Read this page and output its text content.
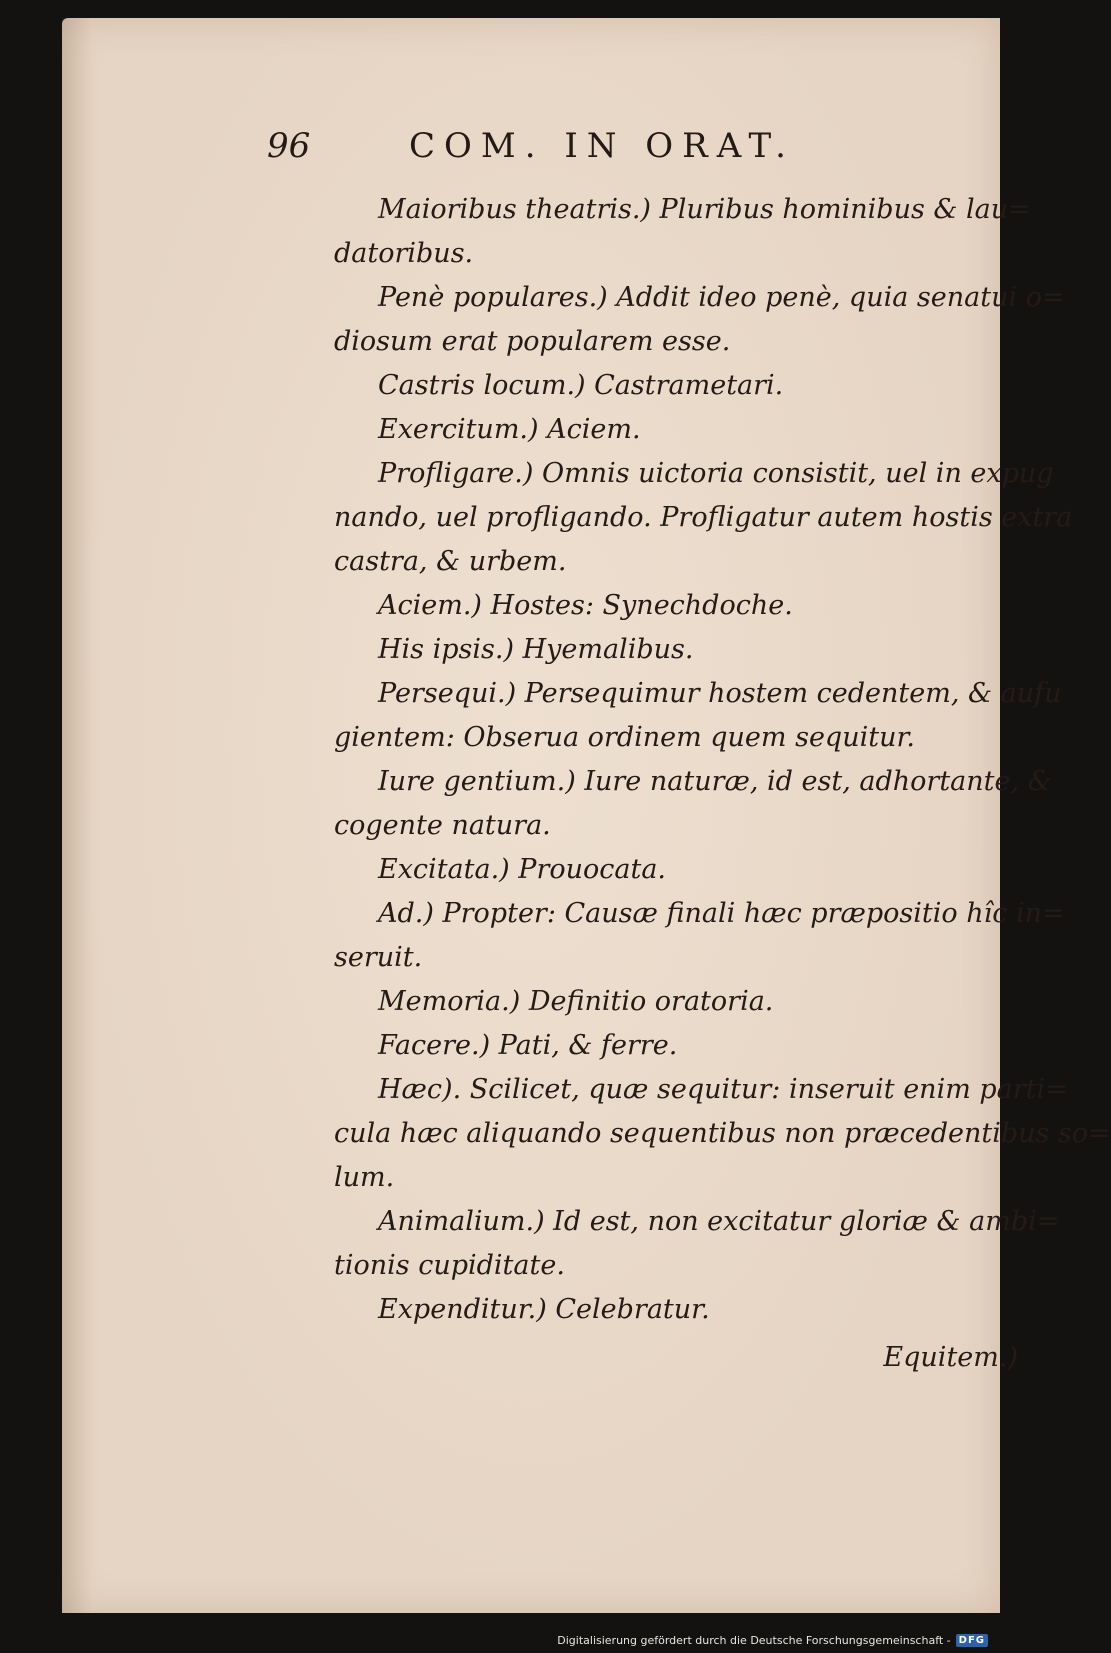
96	COM. IN ORAT.
Maioribus theatris.) Pluribus hominibus & lau=
datoribus.
Penè populares.) Addit ideo penè, quia senatui o=
diosum erat popularem esse.
Castris locum.) Castrametari.
Exercitum.) Aciem.
Profligare.) Omnis uictoria consistit, uel in expug
nando, uel profligando. Profligatur autem hostis extra
castra, & urbem.
Aciem.) Hostes: Synechdoche.
His ipsis.) Hyemalibus.
Persequi.) Persequimur hostem cedentem, & aufu
gientem: Obserua ordinem quem sequitur.
Iure gentium.) Iure naturæ, id est, adhortante, &
cogente natura.
Excitata.) Prouocata.
Ad.) Propter: Causæ finali hæc præpositio hîc in=
seruit.
Memoria.) Definitio oratoria.
Facere.) Pati, & ferre.
Hæc). Scilicet, quæ sequitur: inseruit enim parti=
cula hæc aliquando sequentibus non præcedentibus so=
lum.
Animalium.) Id est, non excitatur gloriæ & ambi=
tionis cupiditate.
Expenditur.) Celebratur.
Equitem.)
Digitalisierung gefördert durch die Deutsche Forschungsgemeinschaft - DFG
